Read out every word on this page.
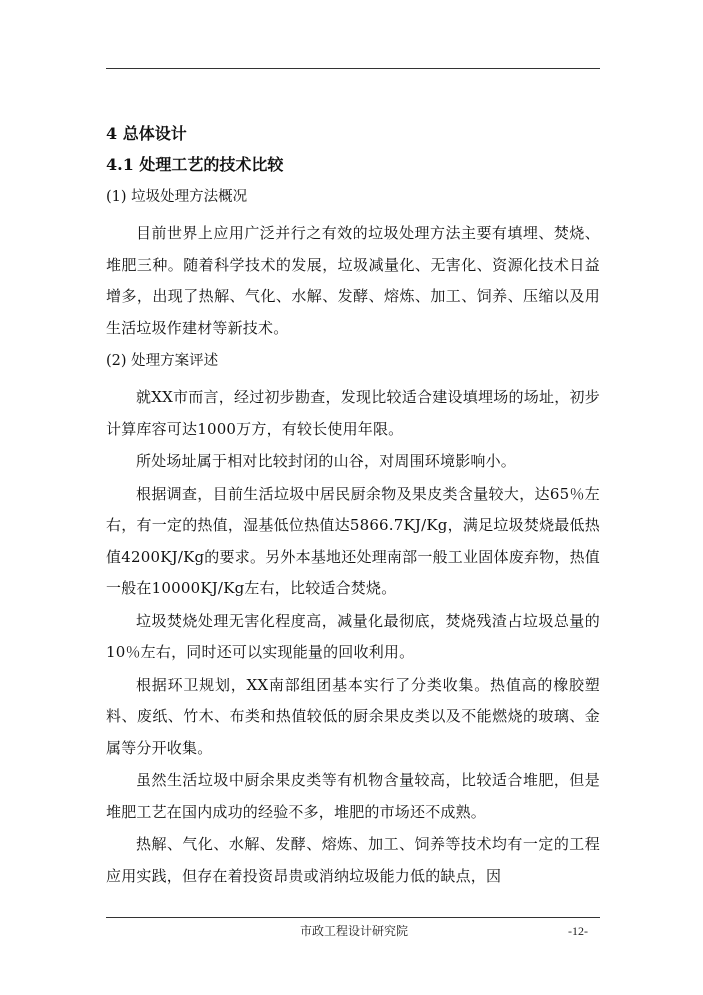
4 总体设计
4.1 处理工艺的技术比较
(1) 垃圾处理方法概况

目前世界上应用广泛并行之有效的垃圾处理方法主要有填埋、焚烧、堆肥三种。随着科学技术的发展，垃圾减量化、无害化、资源化技术日益增多，出现了热解、气化、水解、发酵、熔炼、加工、饲养、压缩以及用生活垃圾作建材等新技术。

(2) 处理方案评述

就XX市而言，经过初步勘查，发现比较适合建设填埋场的场址，初步计算库容可达1000万方，有较长使用年限。

所处场址属于相对比较封闭的山谷，对周围环境影响小。

根据调查，目前生活垃圾中居民厨余物及果皮类含量较大，达65％左右，有一定的热值，湿基低位热值达5866.7KJ/Kg，满足垃圾焚烧最低热值4200KJ/Kg的要求。另外本基地还处理南部一般工业固体废弃物，热值一般在10000KJ/Kg左右，比较适合焚烧。

垃圾焚烧处理无害化程度高，减量化最彻底，焚烧残渣占垃圾总量的10％左右，同时还可以实现能量的回收利用。

根据环卫规划，XX南部组团基本实行了分类收集。热值高的橡胶塑料、废纸、竹木、布类和热值较低的厨余果皮类以及不能燃烧的玻璃、金属等分开收集。

虽然生活垃圾中厨余果皮类等有机物含量较高，比较适合堆肥，但是堆肥工艺在国内成功的经验不多，堆肥的市场还不成熟。

热解、气化、水解、发酵、熔炼、加工、饲养等技术均有一定的工程应用实践，但存在着投资昂贵或消纳垃圾能力低的缺点，因

市政工程设计研究院	-12-
